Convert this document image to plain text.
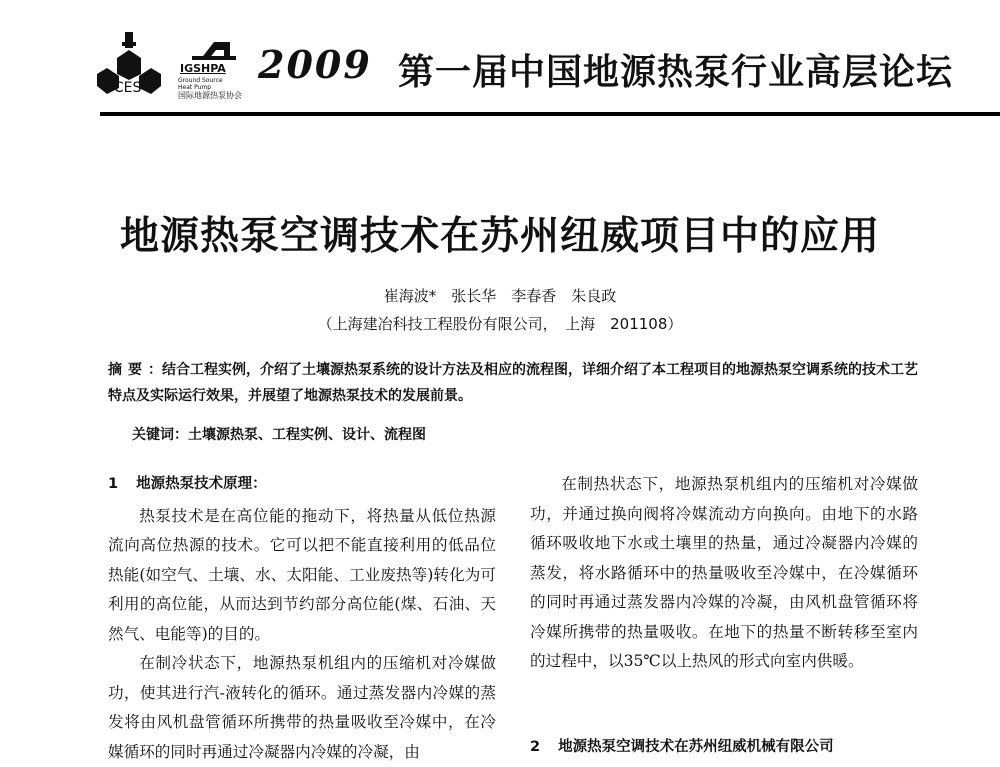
GCES
IGSHPA
Ground Source Heat Pump
国际地源热泵协会
2009 第一届中国地源热泵行业高层论坛
地源热泵空调技术在苏州纽威项目中的应用
崔海波*　张长华　李春香　朱良政
（上海建冶科技工程股份有限公司，　上海　201108）
摘要：结合工程实例，介绍了土壤源热泵系统的设计方法及相应的流程图，详细介绍了本工程项目的地源热泵空调系统的技术工艺特点及实际运行效果，并展望了地源热泵技术的发展前景。
关键词：土壤源热泵、工程实例、设计、流程图
1 地源热泵技术原理：

热泵技术是在高位能的拖动下，将热量从低位热源流向高位热源的技术。它可以把不能直接利用的低品位热能(如空气、土壤、水、太阳能、工业废热等)转化为可利用的高位能，从而达到节约部分高位能(煤、石油、天然气、电能等)的目的。

在制冷状态下，地源热泵机组内的压缩机对冷媒做功，使其进行汽-液转化的循环。通过蒸发器内冷媒的蒸发将由风机盘管循环所携带的热量吸收至冷媒中，在冷媒循环的同时再通过冷凝器内冷媒的冷凝，由

在制热状态下，地源热泵机组内的压缩机对冷媒做功，并通过换向阀将冷媒流动方向换向。由地下的水路循环吸收地下水或土壤里的热量，通过冷凝器内冷媒的蒸发，将水路循环中的热量吸收至冷媒中，在冷媒循环的同时再通过蒸发器内冷媒的冷凝，由风机盘管循环将冷媒所携带的热量吸收。在地下的热量不断转移至室内的过程中，以35℃以上热风的形式向室内供暖。

2 地源热泵空调技术在苏州纽威机械有限公司
